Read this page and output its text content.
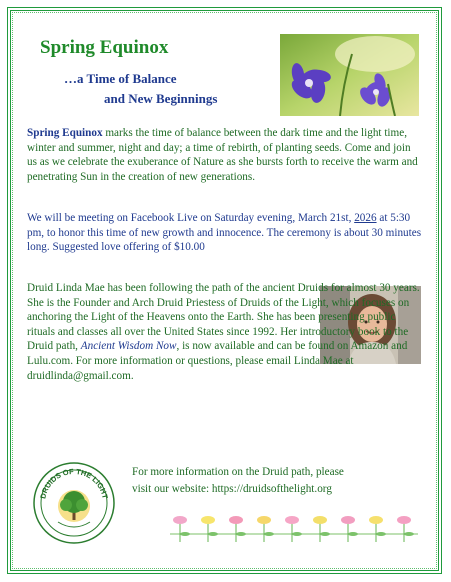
Spring Equinox
…a Time of Balance
and New Beginnings
Spring Equinox marks the time of balance between the dark time and the light time, winter and summer, night and day; a time of rebirth, of planting seeds. Come and join us as we celebrate the exuberance of Nature as she bursts forth to receive the warm and penetrating Sun in the creation of new generations.
We will be meeting on Facebook Live on Saturday evening, March 21st, 2026 at 5:30 pm, to honor this time of new growth and innocence. The ceremony is about 30 minutes long. Suggested love offering of $10.00
Druid Linda Mae has been following the path of the ancient Druids for almost 30 years. She is the Founder and Arch Druid Priestess of Druids of the Light, which focuses on anchoring the Light of the Heavens onto the Earth. She has been presenting public rituals and classes all over the United States since 1992. Her introductory book to the Druid path, Ancient Wisdom Now, is now available and can be found on Amazon and Lulu.com. For more information or questions, please email Linda Mae at druidlinda@gmail.com.
DRUIDS OF THE LIGHT
For more information on the Druid path, please
visit our website: https://druidsofthelight.org
